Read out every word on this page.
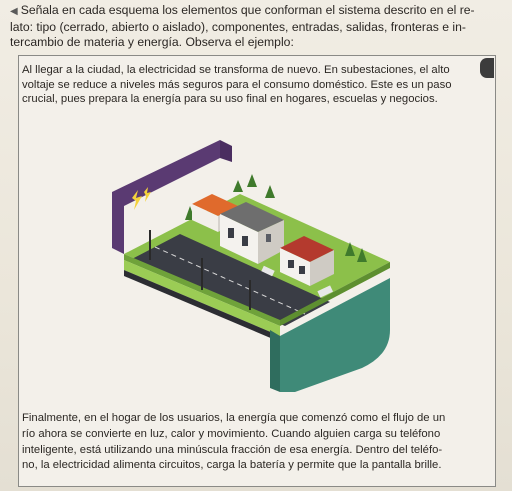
◀ Señala en cada esquema los elementos que conforman el sistema descrito en el re-
lato: tipo (cerrado, abierto o aislado), componentes, entradas, salidas, fronteras e in-
tercambio de materia y energía. Observa el ejemplo:
Al llegar a la ciudad, la electricidad se transforma de nuevo. En subestaciones, el alto
voltaje se reduce a niveles más seguros para el consumo doméstico. Este es un paso
crucial, pues prepara la energía para su uso final en hogares, escuelas y negocios.
Finalmente, en el hogar de los usuarios, la energía que comenzó como el flujo de un
río ahora se convierte en luz, calor y movimiento. Cuando alguien carga su teléfono
inteligente, está utilizando una minúscula fracción de esa energía. Dentro del teléfo-
no, la electricidad alimenta circuitos, carga la batería y permite que la pantalla brille.
